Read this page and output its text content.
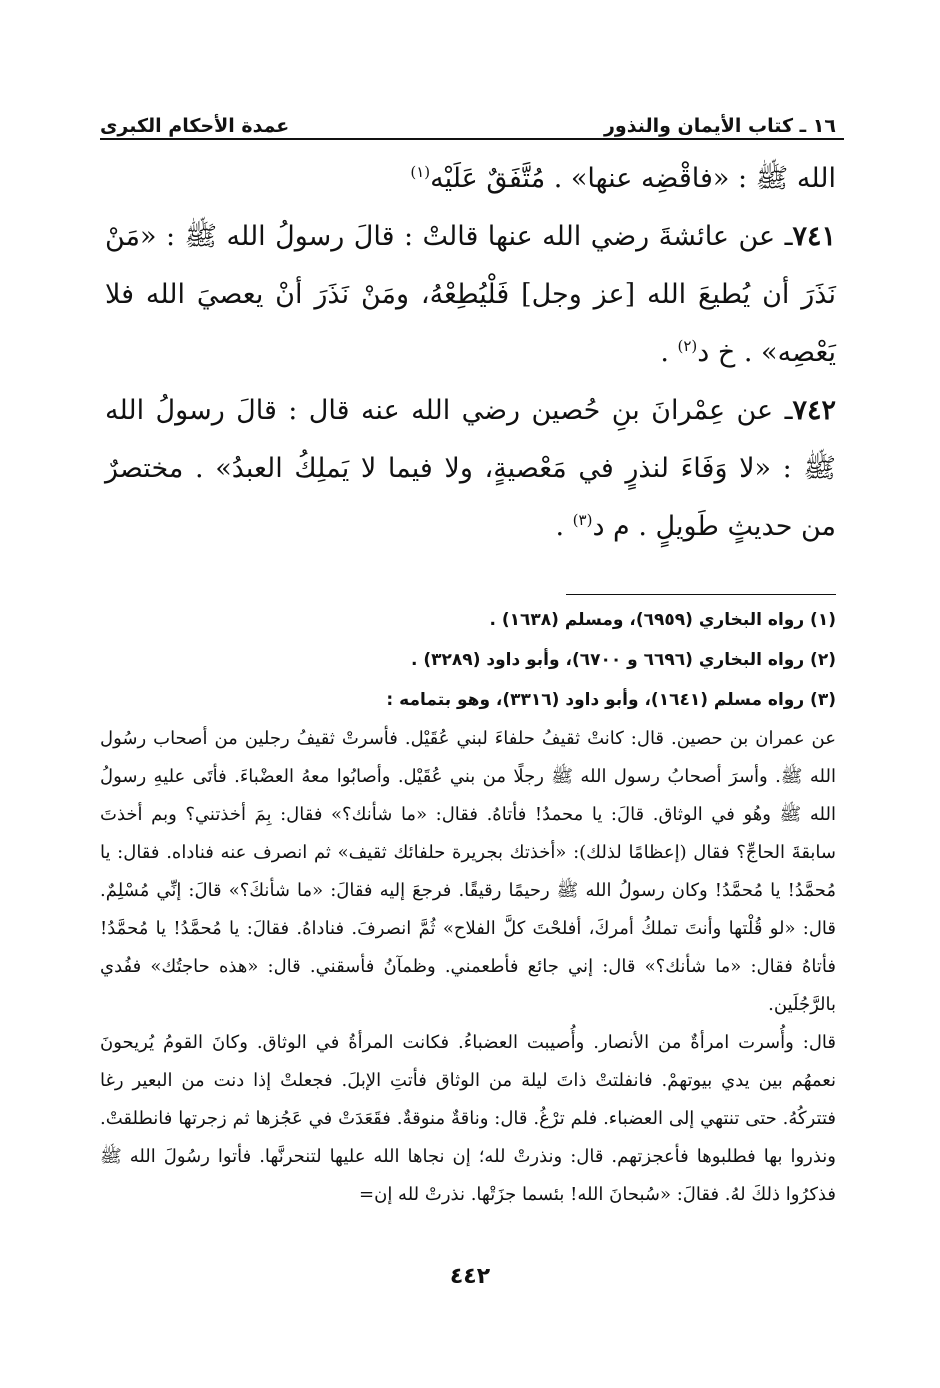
١٦ ـ كتاب الأيمان والنذور
عمدة الأحكام الكبرى

الله ﷺ : «فاقْضِه عنها» . مُتَّفَقٌ عَلَيْه$^{(١)}$

٧٤١ـ عن عائشةَ رضي الله عنها قالتْ : قالَ رسولُ الله ﷺ : «مَنْ نَذَرَ أن يُطيعَ الله [عز وجل] فَلْيُطِعْهُ، ومَنْ نَذَرَ أنْ يعصيَ الله فلا يَعْصِه» . خ د$^{(٢)}$ .

٧٤٢ـ عن عِمْرانَ بنِ حُصين رضي الله عنه قال : قالَ رسولُ الله ﷺ : «لا وَفَاءَ لنذرٍ في مَعْصيةٍ، ولا فيما لا يَملِكُ العبدُ» . مختصرٌ من حديثٍ طَويلٍ . م د$^{(٣)}$ .

(١) رواه البخاري (٦٩٥٩)، ومسلم (١٦٣٨) .

(٢) رواه البخاري (٦٦٩٦ و ٦٧٠٠)، وأبو داود (٣٢٨٩) .

(٣) رواه مسلم (١٦٤١)، وأبو داود (٣٣١٦)، وهو بتمامه :

عن عمران بن حصين. قال: كانتْ ثقيفُ حلفاءَ لبني عُقَيْل. فأسرتْ ثقيفُ رجلين من أصحاب رسُول الله ﷺ. وأسرَ أصحابُ رسول الله ﷺ رجلًا من بني عُقَيْل. وأصابُوا معهُ العضْباءَ. فأتَى عليهِ رسولُ الله ﷺ وهُو في الوثاق. قالَ: يا محمدُ! فأتاهُ. فقال: «ما شأنك؟» فقال: بِمَ أخذتني؟ وبم أخذتَ سابقةَ الحاجِّ؟ فقال (إعظامًا لذلك): «أخذتك بجريرة حلفائك ثقيف» ثم انصرف عنه فناداه. فقال: يا مُحمَّدُ! يا مُحمَّدُ! وكان رسولُ الله ﷺ رحيمًا رقيقًا. فرجعَ إليه فقالَ: «ما شأنكَ؟» قالَ: إنِّي مُسْلِمٌ. قال: «لو قُلْتها وأنتَ تملكُ أمركَ، أفلحْتَ كلَّ الفلاح» ثُمَّ انصرفَ. فناداهُ. فقالَ: يا مُحمَّدُ! يا مُحمَّدُ! فأتاهُ فقال: «ما شأنك؟» قال: إني جائع فأطعمني. وظمآنُ فأسقني. قال: «هذه حاجتُك» ففُدي بالرَّجُلَين.

قال: وأُسرت امرأةٌ من الأنصار. وأُصيبت العضباءُ. فكانت المرأةُ في الوثاق. وكانَ القومُ يُريحونَ نعمهُم بين يدي بيوتهمْ. فانفلتتْ ذاتَ ليلة من الوثاق فأتتِ الإبلَ. فجعلتْ إذا دنت من البعير رغا فتتركُهُ. حتى تنتهي إلى العضباء. فلم ترْغُ. قال: وناقةٌ منوقةٌ. فقَعَدَتْ في عَجُزها ثم زجرتها فانطلقتْ. ونذروا بها فطلبوها فأعجزتهم. قال: ونذرتْ لله؛ إن نجاها الله عليها لتنحرنَّها. فأتوا رسُولَ الله ﷺ فذكرُوا ذلكَ لهُ. فقالَ: «سُبحانَ الله! بئسما جزَتْها. نذرتْ لله إن=

٤٤٢
